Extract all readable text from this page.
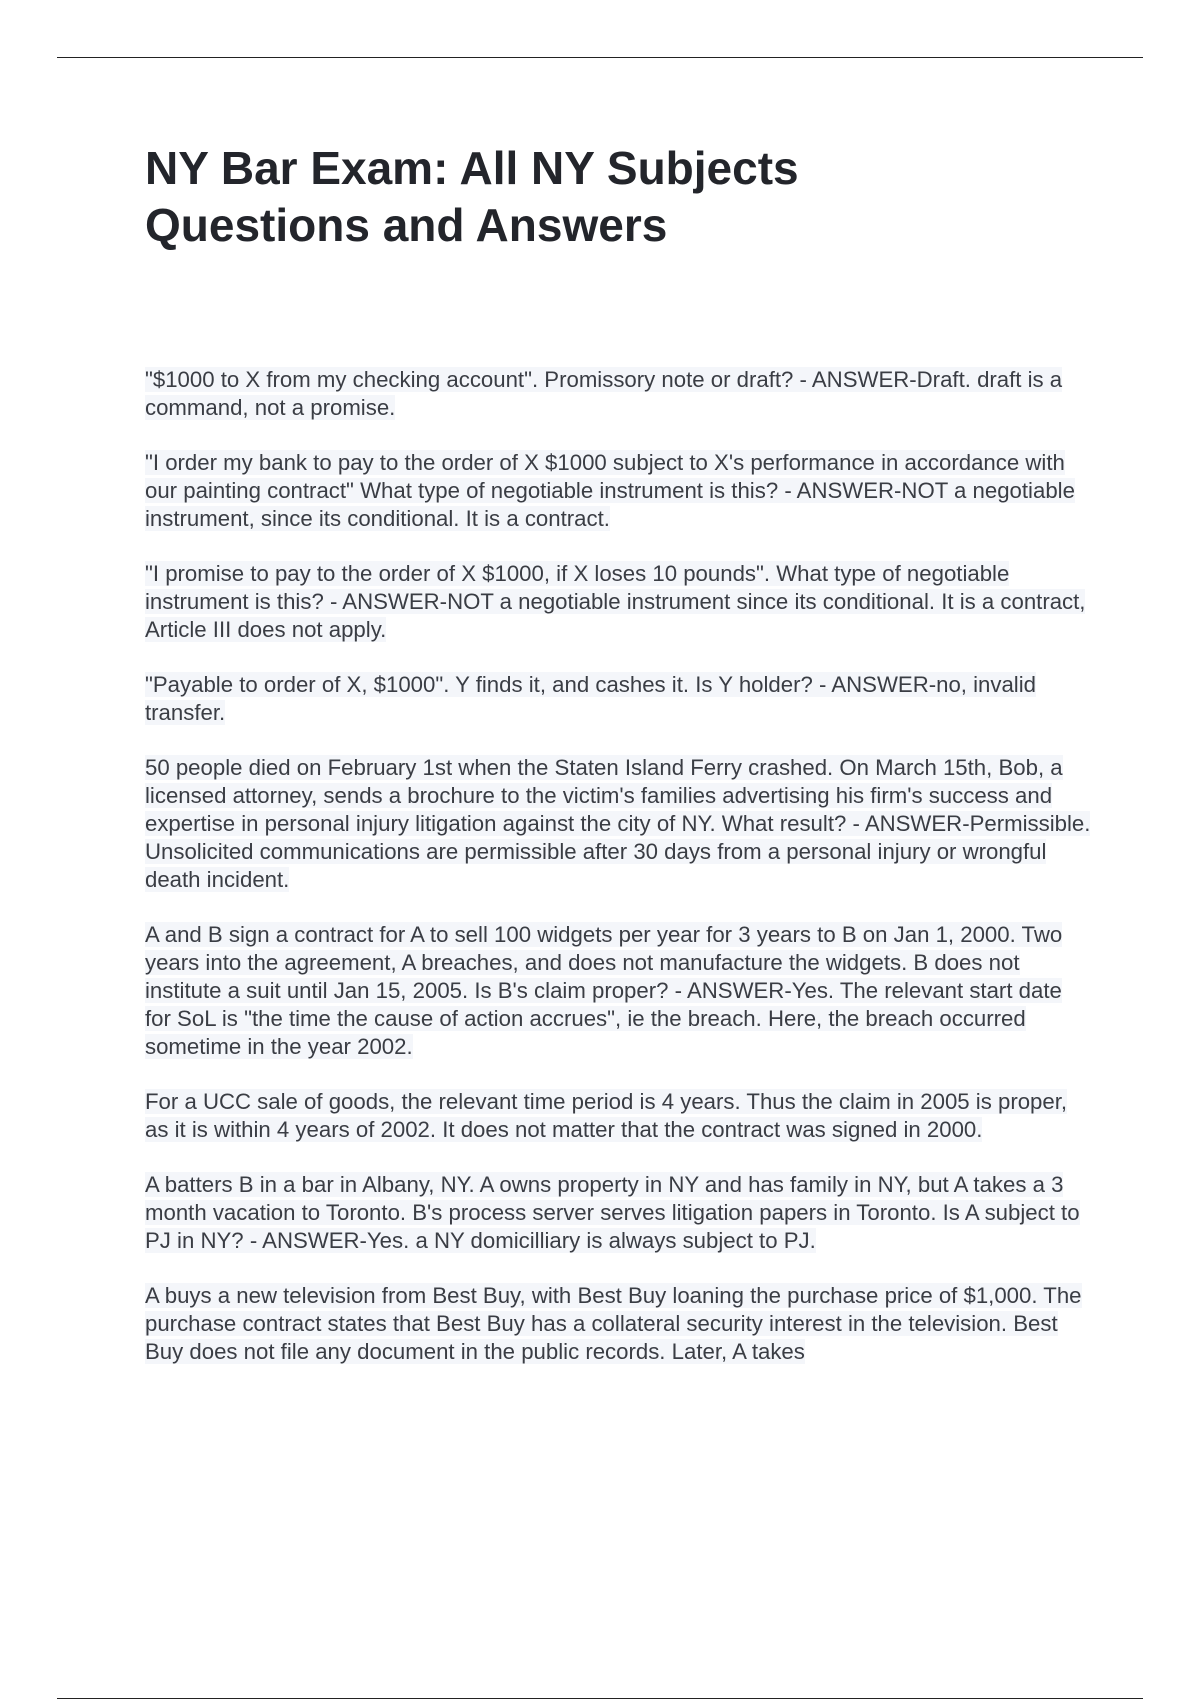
NY Bar Exam: All NY Subjects
Questions and Answers

"$1000 to X from my checking account". Promissory note or draft? - ANSWER-Draft. draft is a command, not a promise.

"I order my bank to pay to the order of X $1000 subject to X's performance in accordance with our painting contract" What type of negotiable instrument is this? - ANSWER-NOT a negotiable instrument, since its conditional. It is a contract.

"I promise to pay to the order of X $1000, if X loses 10 pounds". What type of negotiable instrument is this? - ANSWER-NOT a negotiable instrument since its conditional. It is a contract, Article III does not apply.

"Payable to order of X, $1000". Y finds it, and cashes it. Is Y holder? - ANSWER-no, invalid transfer.

50 people died on February 1st when the Staten Island Ferry crashed. On March 15th, Bob, a licensed attorney, sends a brochure to the victim's families advertising his firm's success and expertise in personal injury litigation against the city of NY. What result? - ANSWER-Permissible. Unsolicited communications are permissible after 30 days from a personal injury or wrongful death incident.

A and B sign a contract for A to sell 100 widgets per year for 3 years to B on Jan 1, 2000. Two years into the agreement, A breaches, and does not manufacture the widgets. B does not institute a suit until Jan 15, 2005. Is B's claim proper? - ANSWER-Yes. The relevant start date for SoL is "the time the cause of action accrues", ie the breach. Here, the breach occurred sometime in the year 2002.

For a UCC sale of goods, the relevant time period is 4 years. Thus the claim in 2005 is proper, as it is within 4 years of 2002. It does not matter that the contract was signed in 2000.

A batters B in a bar in Albany, NY. A owns property in NY and has family in NY, but A takes a 3 month vacation to Toronto. B's process server serves litigation papers in Toronto. Is A subject to PJ in NY? - ANSWER-Yes. a NY domicilliary is always subject to PJ.

A buys a new television from Best Buy, with Best Buy loaning the purchase price of $1,000. The purchase contract states that Best Buy has a collateral security interest in the television. Best Buy does not file any document in the public records. Later, A takes
